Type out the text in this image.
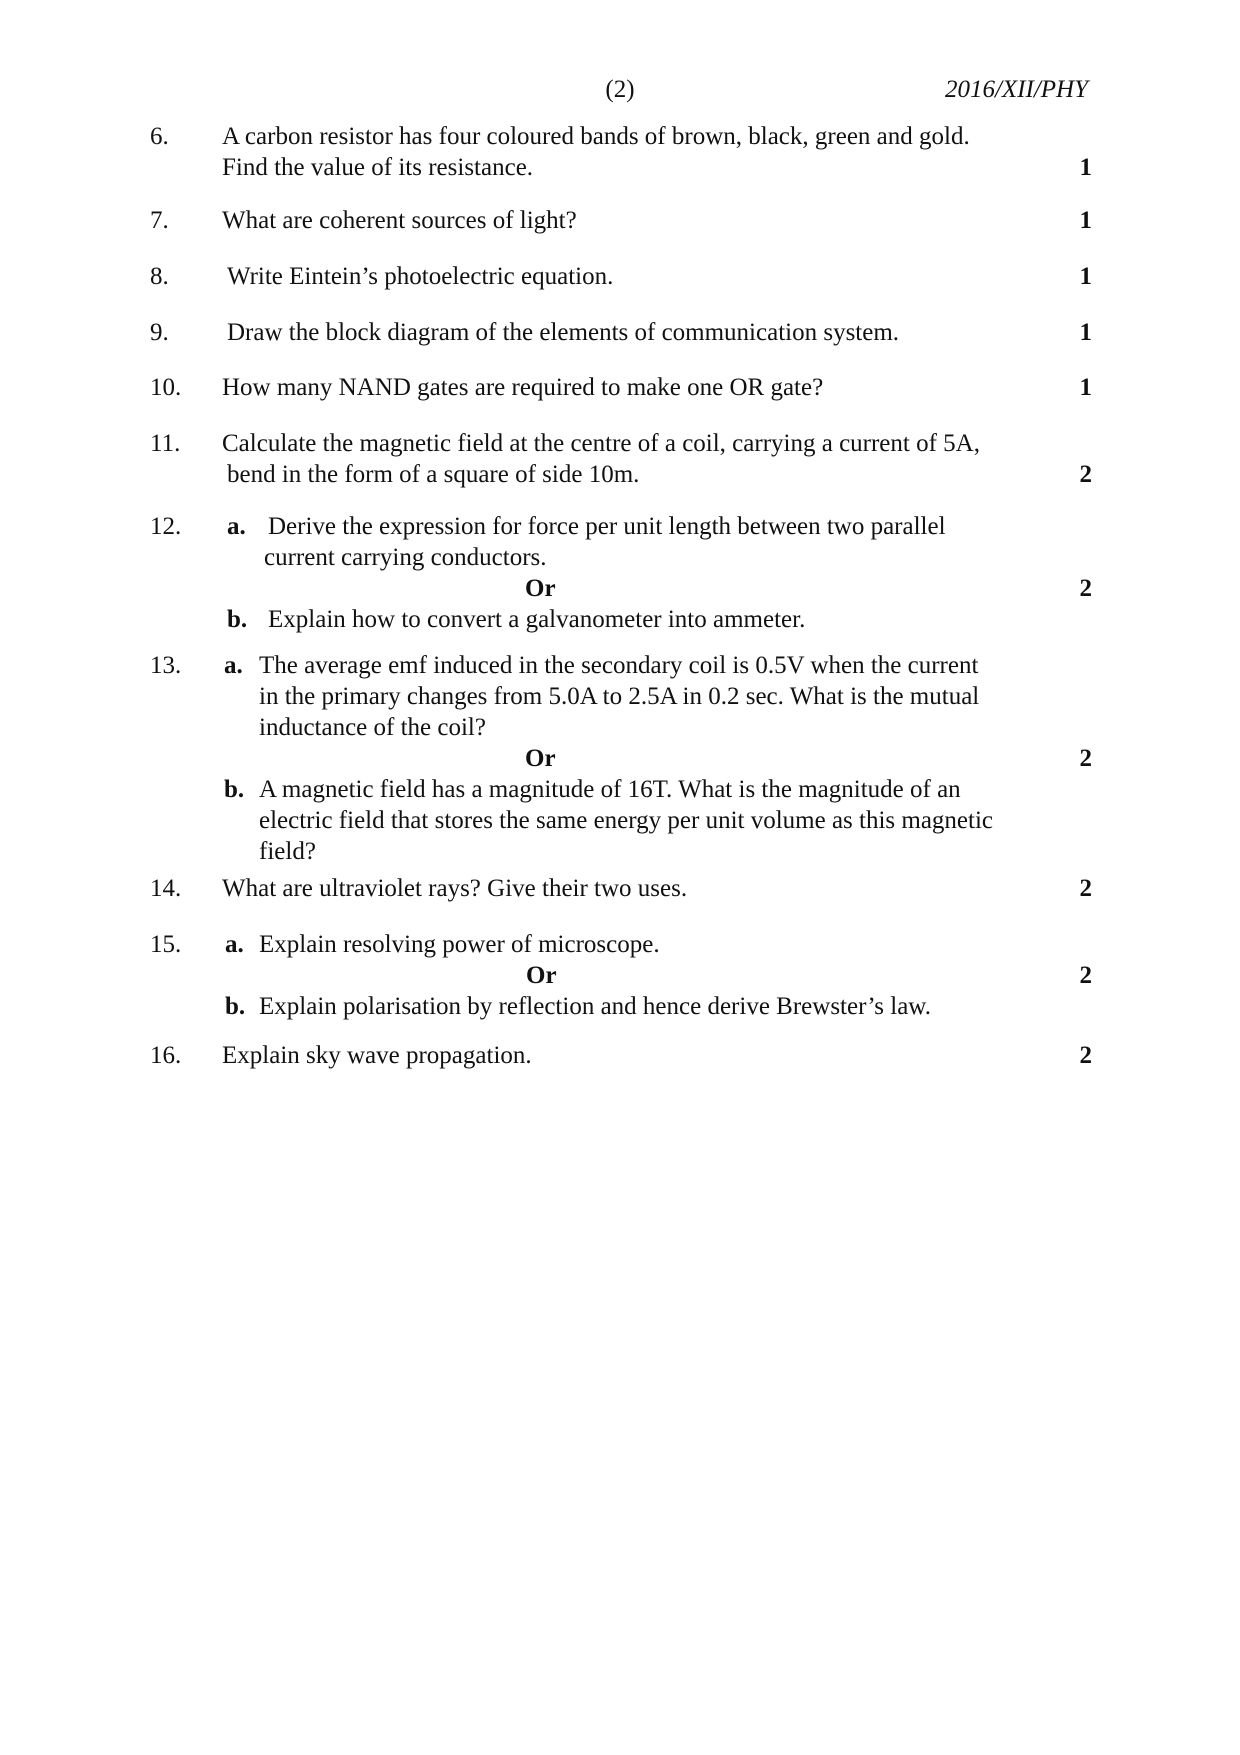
(2)	2016/XII/PHY
6.	A carbon resistor has four coloured bands of brown, black, green and gold.
Find the value of its resistance.	1
7.	What are coherent sources of light?	1
8.	Write Eintein’s photoelectric equation.	1
9.	Draw the block diagram of the elements of communication system.	1
10.	How many NAND gates are required to make one OR gate?	1
11.	Calculate the magnetic field at the centre of a coil, carrying a current of 5A,
bend in the form of a square of side 10m.	2
12.	a. Derive the expression for force per unit length between two parallel
current carrying conductors.
Or	2
b. Explain how to convert a galvanometer into ammeter.
13.	a. The average emf induced in the secondary coil is 0.5V when the current
in the primary changes from 5.0A to 2.5A in 0.2 sec. What is the mutual
inductance of the coil?
Or	2
b. A magnetic field has a magnitude of 16T. What is the magnitude of an
electric field that stores the same energy per unit volume as this magnetic
field?
14.	What are ultraviolet rays? Give their two uses.	2
15.	a. Explain resolving power of microscope.
Or	2
b. Explain polarisation by reflection and hence derive Brewster’s law.
16.	Explain sky wave propagation.	2
